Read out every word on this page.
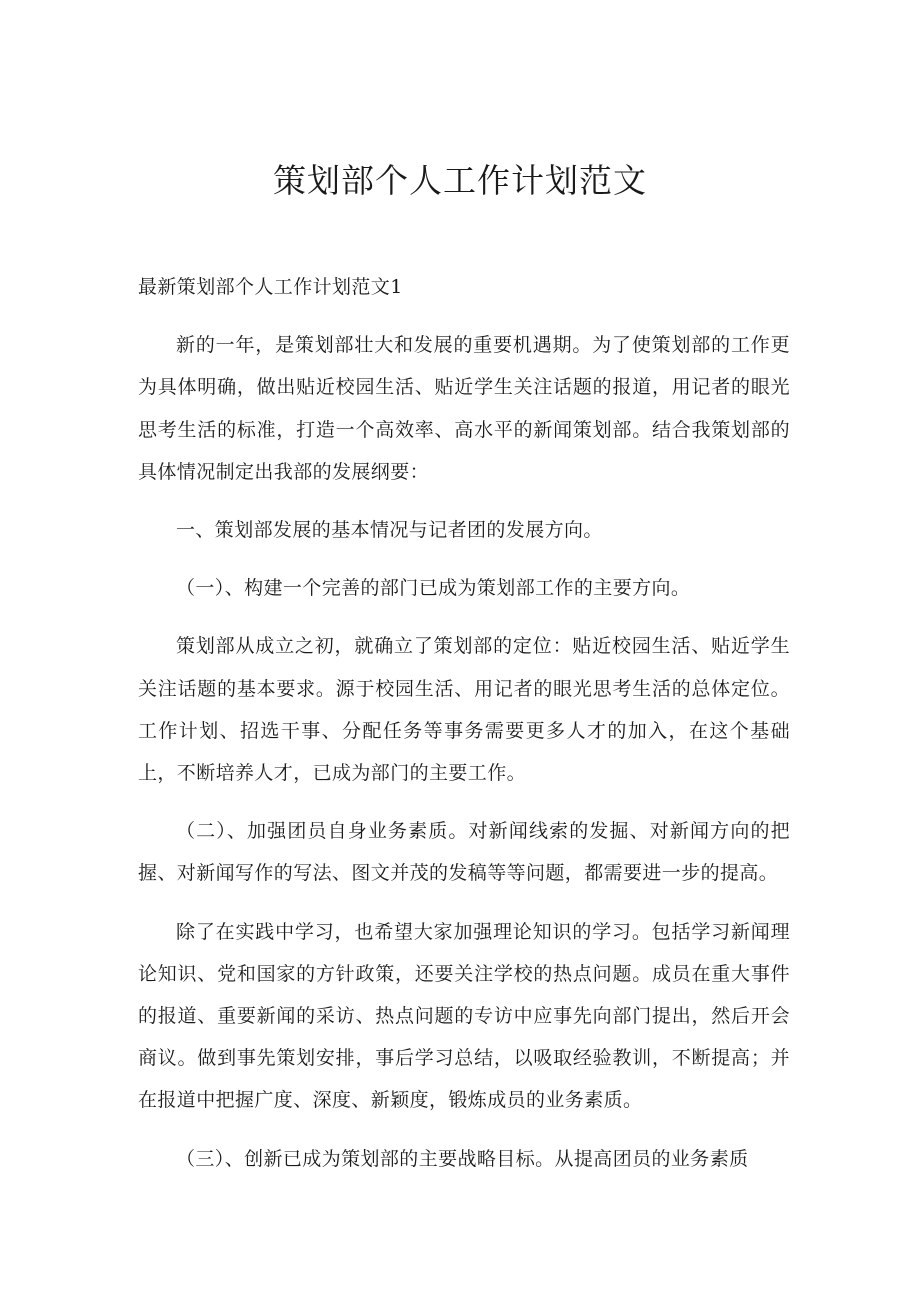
策划部个人工作计划范文

最新策划部个人工作计划范文1

新的一年，是策划部壮大和发展的重要机遇期。为了使策划部的工作更为具体明确，做出贴近校园生活、贴近学生关注话题的报道，用记者的眼光思考生活的标准，打造一个高效率、高水平的新闻策划部。结合我策划部的具体情况制定出我部的发展纲要：

一、策划部发展的基本情况与记者团的发展方向。

（一）、构建一个完善的部门已成为策划部工作的主要方向。

策划部从成立之初，就确立了策划部的定位：贴近校园生活、贴近学生关注话题的基本要求。源于校园生活、用记者的眼光思考生活的总体定位。工作计划、招选干事、分配任务等事务需要更多人才的加入，在这个基础上，不断培养人才，已成为部门的主要工作。

（二）、加强团员自身业务素质。对新闻线索的发掘、对新闻方向的把握、对新闻写作的写法、图文并茂的发稿等等问题，都需要进一步的提高。

除了在实践中学习，也希望大家加强理论知识的学习。包括学习新闻理论知识、党和国家的方针政策，还要关注学校的热点问题。成员在重大事件的报道、重要新闻的采访、热点问题的专访中应事先向部门提出，然后开会商议。做到事先策划安排，事后学习总结，以吸取经验教训，不断提高；并在报道中把握广度、深度、新颖度，锻炼成员的业务素质。

（三）、创新已成为策划部的主要战略目标。从提高团员的业务素质
